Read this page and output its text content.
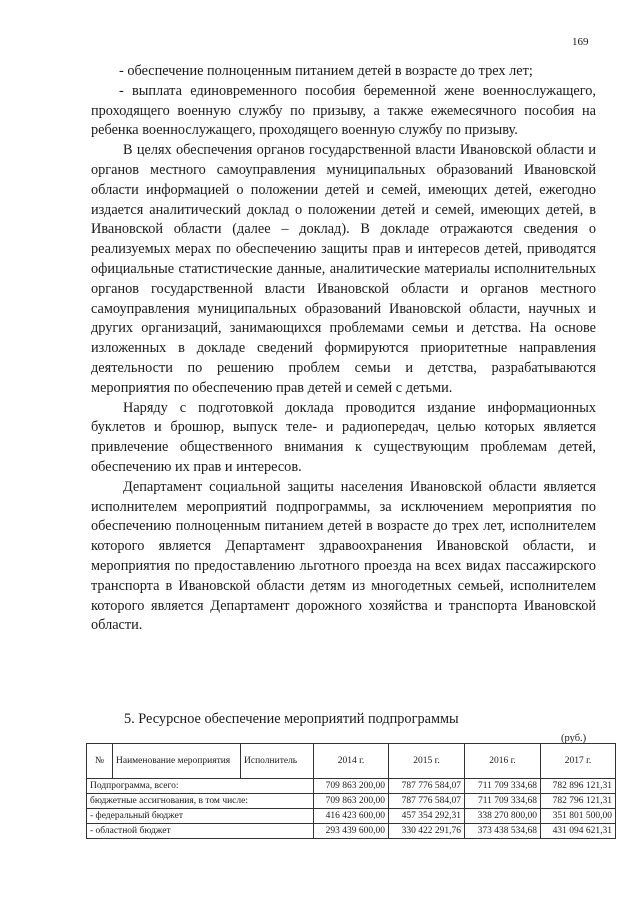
169

- обеспечение полноценным питанием детей в возрасте до трех лет;

- выплата единовременного пособия беременной жене военнослужащего, проходящего военную службу по призыву, а также ежемесячного пособия на ребенка военнослужащего, проходящего военную службу по призыву.

В целях обеспечения органов государственной власти Ивановской области и органов местного самоуправления муниципальных образований Ивановской области информацией о положении детей и семей, имеющих детей, ежегодно издается аналитический доклад о положении детей и семей, имеющих детей, в Ивановской области (далее – доклад). В докладе отражаются сведения о реализуемых мерах по обеспечению защиты прав и интересов детей, приводятся официальные статистические данные, аналитические материалы исполнительных органов государственной власти Ивановской области и органов местного самоуправления муниципальных образований Ивановской области, научных и других организаций, занимающихся проблемами семьи и детства. На основе изложенных в докладе сведений формируются приоритетные направления деятельности по решению проблем семьи и детства, разрабатываются мероприятия по обеспечению прав детей и семей с детьми.

Наряду с подготовкой доклада проводится издание информационных буклетов и брошюр, выпуск теле- и радиопередач, целью которых является привлечение общественного внимания к существующим проблемам детей, обеспечению их прав и интересов.

Департамент социальной защиты населения Ивановской области является исполнителем мероприятий подпрограммы, за исключением мероприятия по обеспечению полноценным питанием детей в возрасте до трех лет, исполнителем которого является Департамент здравоохранения Ивановской области, и мероприятия по предоставлению льготного проезда на всех видах пассажирского транспорта в Ивановской области детям из многодетных семьей, исполнителем которого является Департамент дорожного хозяйства и транспорта Ивановской области.

5. Ресурсное обеспечение мероприятий подпрограммы
(руб.)
№	Наименование мероприятия	Исполнитель	2014 г.	2015 г.	2016 г.	2017 г.
Подпрограмма, всего:			709 863 200,00	787 776 584,07	711 709 334,68	782 896 121,31
бюджетные ассигнования, в том числе:			709 863 200,00	787 776 584,07	711 709 334,68	782 796 121,31
- федеральный бюджет			416 423 600,00	457 354 292,31	338 270 800,00	351 801 500,00
- областной бюджет			293 439 600,00	330 422 291,76	373 438 534,68	431 094 621,31
